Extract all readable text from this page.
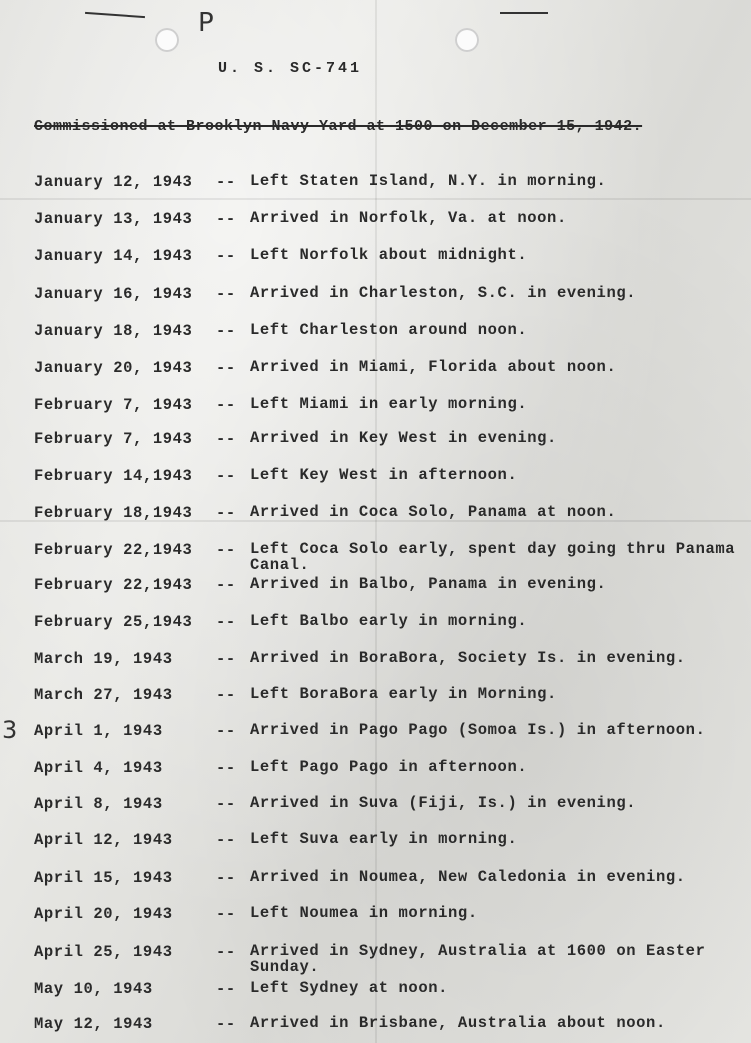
P
3
U. S. SC-741
Commissioned at Brooklyn Navy Yard at 1500 on December 15, 1942.
January 12, 1943 -- Left Staten Island, N.Y. in morning.
January 13, 1943 -- Arrived in Norfolk, Va. at noon.
January 14, 1943 -- Left Norfolk about midnight.
January 16, 1943 -- Arrived in Charleston, S.C. in evening.
January 18, 1943 -- Left Charleston around noon.
January 20, 1943 -- Arrived in Miami, Florida about noon.
February 7, 1943 -- Left Miami in early morning.
February 7, 1943 -- Arrived in Key West in evening.
February 14,1943 -- Left Key West in afternoon.
February 18,1943 -- Arrived in Coca Solo, Panama at noon.
February 22,1943 -- Left Coca Solo early, spent day going thru Panama Canal.
February 22,1943 -- Arrived in Balbo, Panama in evening.
February 25,1943 -- Left Balbo early in morning.
March 19, 1943	-- Arrived in BoraBora, Society Is. in evening.
March 27, 1943	-- Left BoraBora early in Morning.
April 1, 1943	-- Arrived in Pago Pago (Somoa Is.) in afternoon.
April 4, 1943	-- Left Pago Pago in afternoon.
April 8, 1943	-- Arrived in Suva (Fiji, Is.) in evening.
April 12, 1943	-- Left Suva early in morning.
April 15, 1943	-- Arrived in Noumea, New Caledonia in evening.
April 20, 1943	-- Left Noumea in morning.
April 25, 1943	-- Arrived in Sydney, Australia at 1600 on Easter Sunday.
May 10, 1943	-- Left Sydney at noon.
May 12, 1943	-- Arrived in Brisbane, Australia about noon.
